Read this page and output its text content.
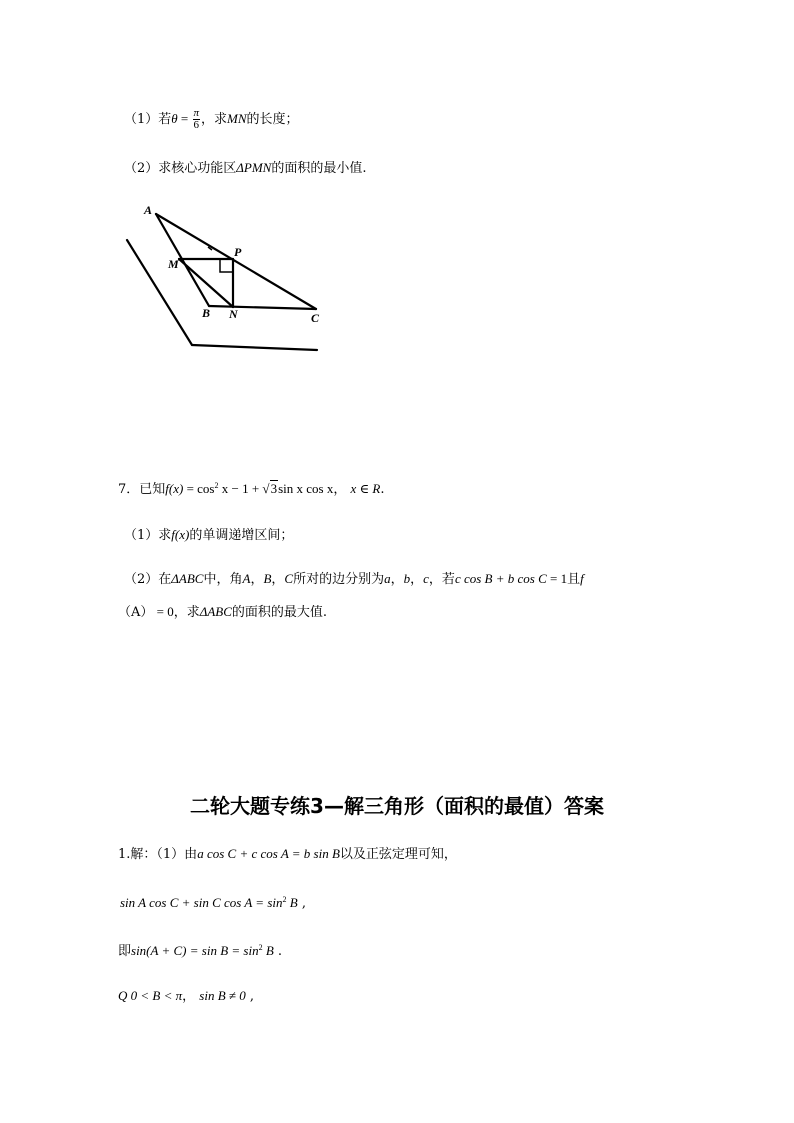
（1）若$\theta = \frac{\pi}{6}$ ，求MN的长度；
（2）求核心功能区ΔPMN的面积的最小值.
A
P
M
B N	C
7．已知$f(x) = \cos^2 x - 1 + √3\sin$ x cos x， x ∈ R.
（1）求f(x)的单调递增区间；
（2）在ΔABC中，角A，B，C所对的边分别为a，b，c，若c cos B + b cos C = 1且f
（A） = 0，求ΔABC的面积的最大值.
二轮大题专练3—解三角形（面积的最值）答案
1.解：（1）由a cos C + c cos A = b sin B以及正弦定理可知，
sin A cos C + sin C $\cos A = \sin^2 B$ ,
即$\sin(A + C) = \sin B = \sin^2 B$ .
Q 0 < B < π， sin B ≠ 0 ,
